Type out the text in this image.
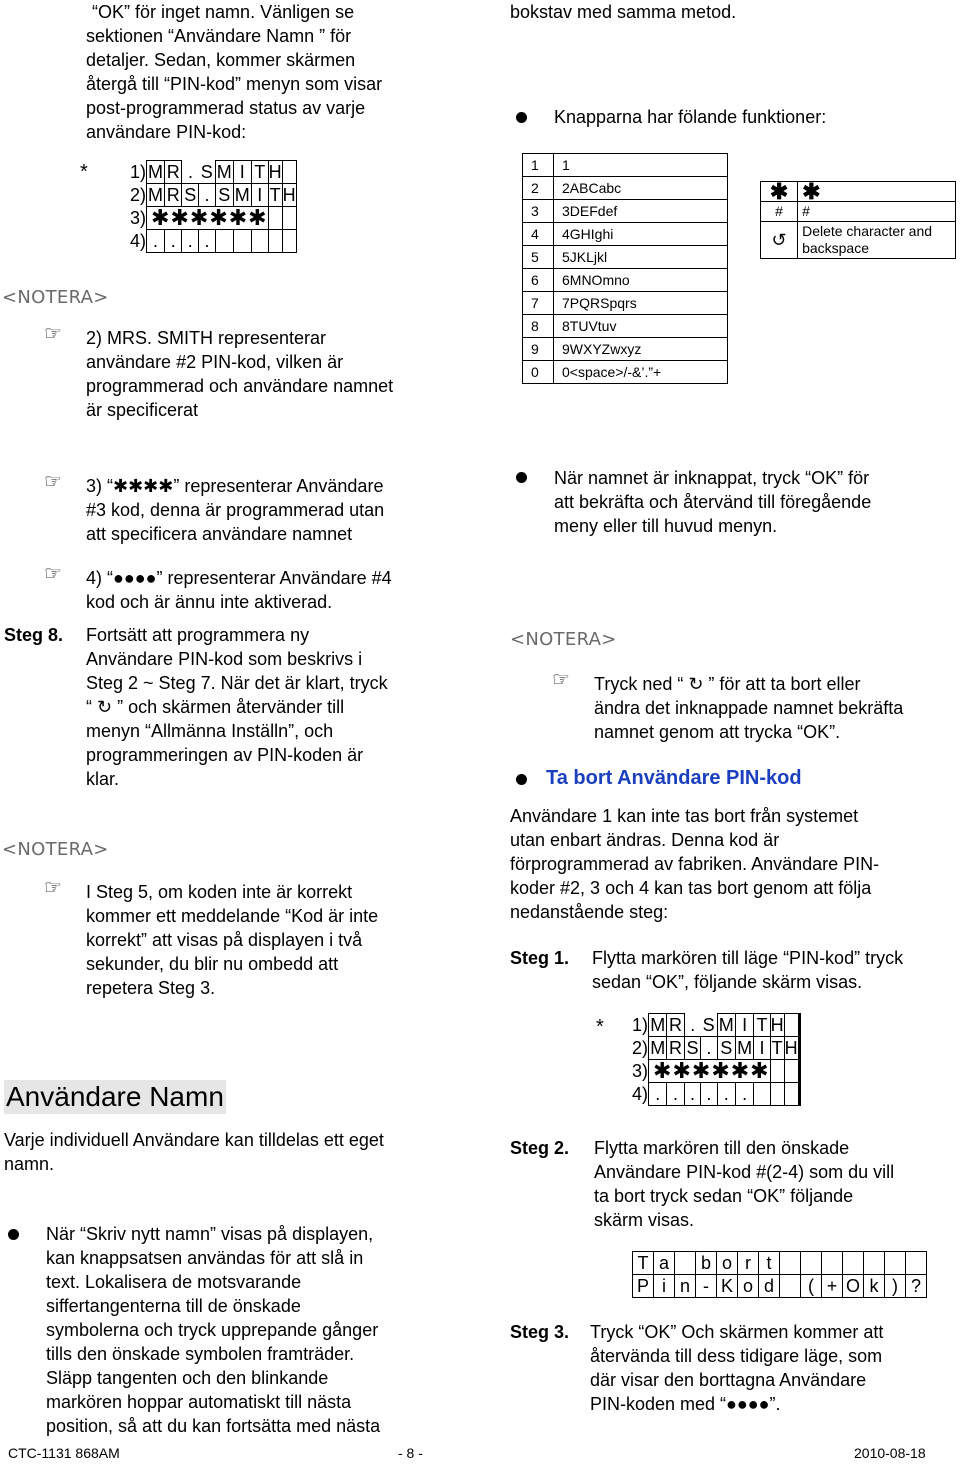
“OK” för inget namn. Vänligen se
sektionen “Användare Namn ” för
detaljer. Sedan, kommer skärmen
återgå till “PIN-kod” menyn som visar
post-programmerad status av varje
användare PIN-kod:
* 1	)	M	R	.	S	M	I	T	H	
2	)	M	R	S	.	S	M	I	T	H
3	)	✱✱✱✱✱✱								
4	)	.	.	.	.					
<NOTERA>
☞ 2) MRS. SMITH representerar
användare #2 PIN-kod, vilken är
programmerad och användare namnet
är specificerat
☞ 3) “✱✱✱✱” representerar Användare
#3 kod, denna är programmerad utan
att specificera användare namnet
☞ 4) “●●●●” representerar Användare #4
kod och är ännu inte aktiverad.
Steg 8. Fortsätt att programmera ny
Användare PIN-kod som beskrivs i
Steg 2 ~ Steg 7. När det är klart, tryck
“ ↻ ” och skärmen återvänder till
menyn “Allmänna Inställn”, och
programmeringen av PIN-koden är
klar.
<NOTERA>
☞ I Steg 5, om koden inte är korrekt
kommer ett meddelande “Kod är inte
korrekt” att visas på displayen i två
sekunder, du blir nu ombedd att
repetera Steg 3.
Användare Namn
Varje individuell Användare kan tilldelas ett eget
namn.
När “Skriv nytt namn” visas på displayen,
kan knappsatsen användas för att slå in
text. Lokalisera de motsvarande
siffertangenterna till de önskade
symbolerna och tryck upprepande gånger
tills den önskade symbolen framträder.
Släpp tangenten och den blinkande
markören hoppar automatiskt till nästa
position, så att du kan fortsätta med nästa
bokstav med samma metod.
Knapparna har fölande funktioner:
1	1
2	2ABCabc
3	3DEFdef
4	4GHIghi
5	5JKLjkl
6	6MNOmno
7	7PQRSpqrs
8	8TUVtuv
9	9WXYZwxyz
0	0<space>/-&’.”+
✱	✱
#	#
↺	Delete character and backspace
När namnet är inknappat, tryck “OK” för
att bekräfta och återvänd till föregående
meny eller till huvud menyn.
<NOTERA>
☞ Tryck ned “ ↻ ” för att ta bort eller
ändra det inknappade namnet bekräfta
namnet genom att trycka “OK”.
Ta bort Användare PIN-kod
Användare 1 kan inte tas bort från systemet
utan enbart ändras. Denna kod är
förprogrammerad av fabriken. Användare PIN-
koder #2, 3 och 4 kan tas bort genom att följa
nedanstående steg:
Steg 1. Flytta markören till läge “PIN-kod” tryck
sedan “OK”, följande skärm visas.
* 1	)	M	R	.	S	M	I	T	H			
2	)	M	R	S	.	S	M	I	T	H		
3	)	✱✱✱✱✱✱									
4	)	.	.	.	.	.	.					
Steg 2. Flytta markören till den önskade
Användare PIN-kod #(2-4) som du vill
ta bort tryck sedan “OK” följande
skärm visas.
T	a		b	o	r	t							
P	i	n	-	K	o	d		(	+	O	k	)	?
Steg 3. Tryck “OK” Och skärmen kommer att
återvända till dess tidigare läge, som
där visar den borttagna Användare
PIN-koden med “●●●●”.
CTC-1131 868AM	- 8 -	2010-08-18
